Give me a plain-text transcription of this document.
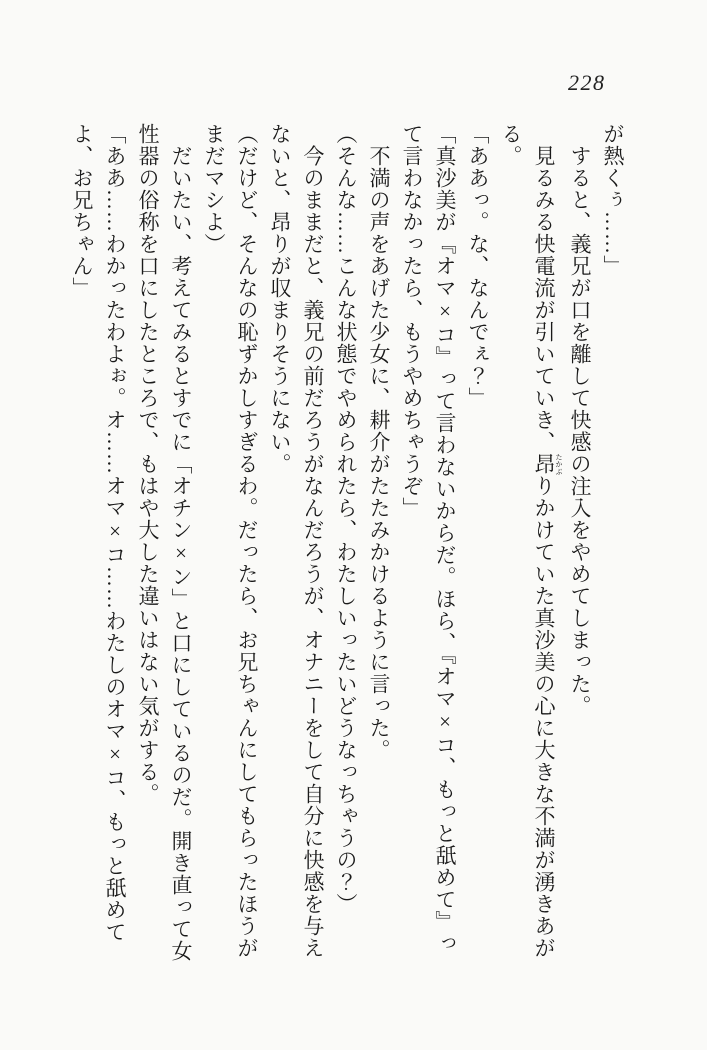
228

が熱くぅ……」

すると、義兄が口を離して快感の注入をやめてしまった。

見るみる快電流が引いていき、昂 たかぶりかけていた真沙美の心に大きな不満が湧きあがる。

「ああっ。な、なんでぇ？」

「真沙美が『オマ×コ』って言わないからだ。ほら、『オマ×コ、もっと舐めて』って言わなかったら、もうやめちゃうぞ」

不満の声をあげた少女に、耕介がたたみかけるように言った。

（そんな……こんな状態でやめられたら、わたしいったいどうなっちゃうの？）

今のままだと、義兄の前だろうがなんだろうが、オナニーをして自分に快感を与えないと、昂りが収まりそうにない。

（だけど、そんなの恥ずかしすぎるわ。だったら、お兄ちゃんにしてもらったほうがまだマシよ）

だいたい、考えてみるとすでに「オチン×ン」と口にしているのだ。開き直って女性器の俗称を口にしたところで、もはや大した違いはない気がする。

「ああ……わかったわよぉ。オ……オマ×コ……わたしのオマ×コ、もっと舐めてよ、お兄ちゃん」
